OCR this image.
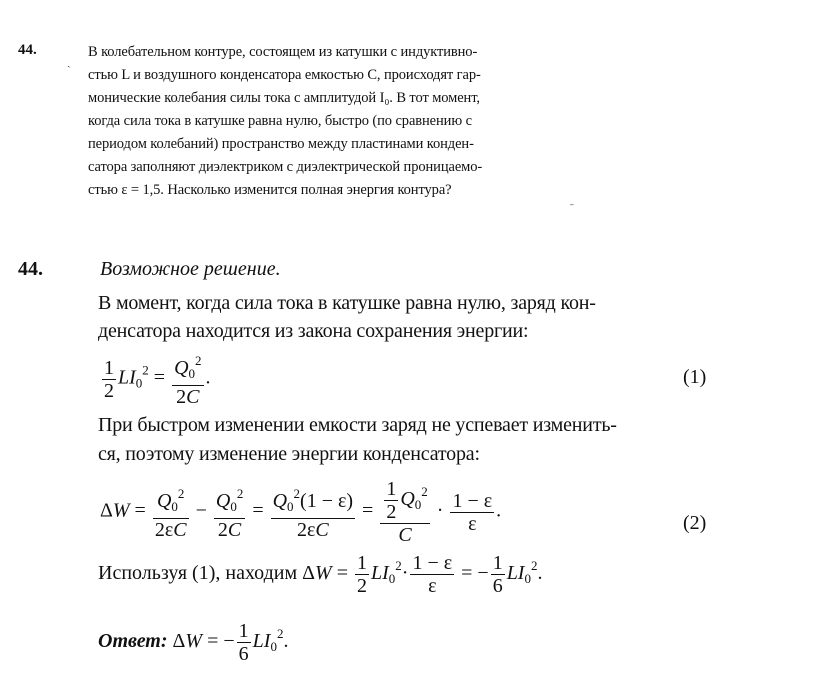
44.
ˎ
В колебательном контуре, состоящем из катушки с индуктивно-
стью L и воздушного конденсатора емкостью C, происходят гар-
монические колебания силы тока с амплитудой I₀. В тот момент,
когда сила тока в катушке равна нулю, быстро (по сравнению с
периодом колебаний) пространство между пластинами конден-
сатора заполняют диэлектриком с диэлектрической проницаемо-
стью ε = 1,5. Насколько изменится полная энергия контура?
˗
44.	Возможное решение.
В момент, когда сила тока в катушке равна нулю, заряд кон-
денсатора находится из закона сохранения энергии:
$\frac{1}{2} LI_0^2 = \frac{Q_0^2}{2C}$ .	(1)
При быстром изменении емкости заряд не успевает изменить-
ся, поэтому изменение энергии конденсатора:
$\Delta W = \frac{Q_0^2}{2\varepsilon C} - \frac{Q_0^2}{2C} = \frac{Q_0^2(1 - \varepsilon)}{2\varepsilon C} = \frac{\frac{1}{2} Q_0^2}{C} \cdot \frac{1 - \varepsilon}{\varepsilon}$ .
(2)
Используя (1), находим $\Delta W = \frac{1}{2} LI_0^2\cdot \frac{1 - \varepsilon}{\varepsilon}$ = − $\frac{1}{6} LI_0^2$.
Ответ: ΔW = − $\frac{1}{6} LI_0^2$.
